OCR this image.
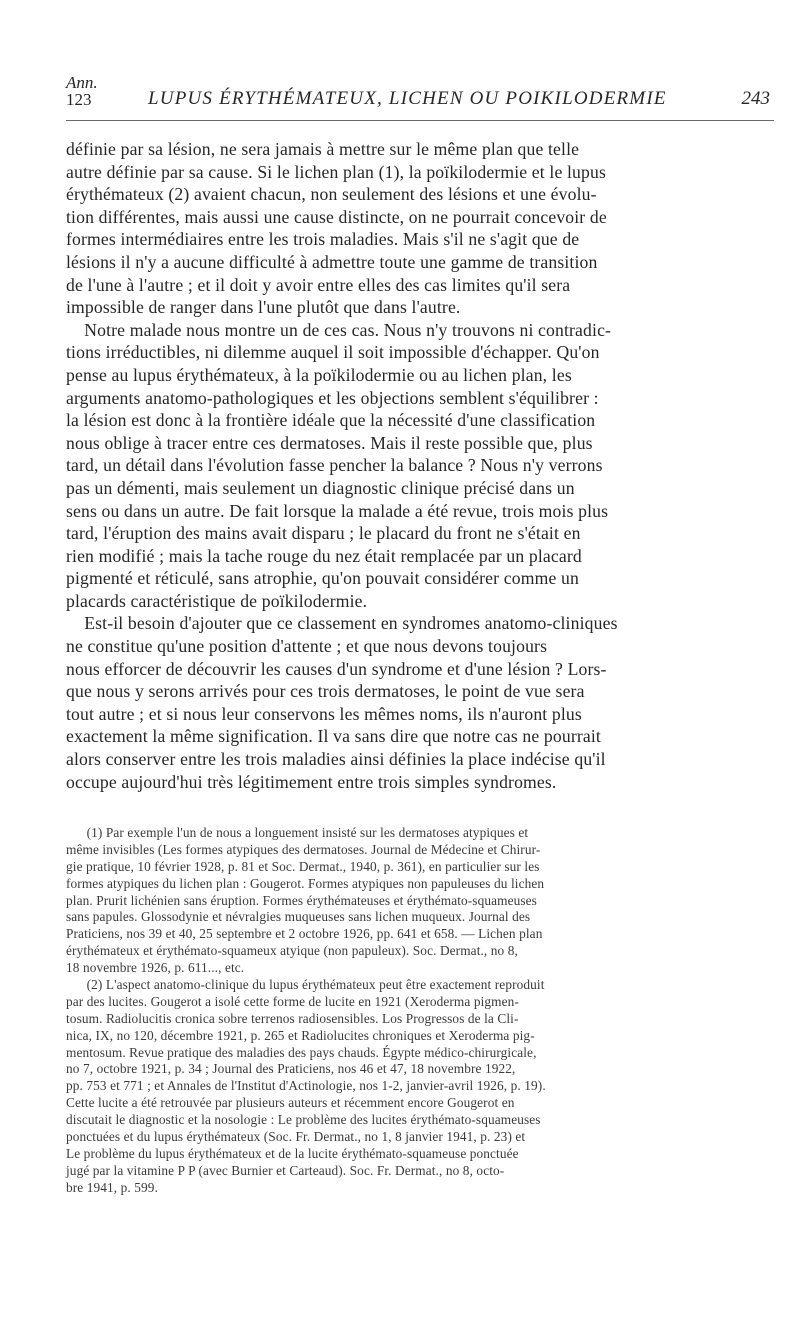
Ann.
123	LUPUS ÉRYTHÉMATEUX, LICHEN OU POIKILODERMIE	243
définie par sa lésion, ne sera jamais à mettre sur le même plan que telle
autre définie par sa cause. Si le lichen plan (1), la poïkilodermie et le lupus
érythémateux (2) avaient chacun, non seulement des lésions et une évolu-
tion différentes, mais aussi une cause distincte, on ne pourrait concevoir de
formes intermédiaires entre les trois maladies. Mais s'il ne s'agit que de
lésions il n'y a aucune difficulté à admettre toute une gamme de transition
de l'une à l'autre ; et il doit y avoir entre elles des cas limites qu'il sera
impossible de ranger dans l'une plutôt que dans l'autre.
Notre malade nous montre un de ces cas. Nous n'y trouvons ni contradic-
tions irréductibles, ni dilemme auquel il soit impossible d'échapper. Qu'on
pense au lupus érythémateux, à la poïkilodermie ou au lichen plan, les
arguments anatomo-pathologiques et les objections semblent s'équilibrer :
la lésion est donc à la frontière idéale que la nécessité d'une classification
nous oblige à tracer entre ces dermatoses. Mais il reste possible que, plus
tard, un détail dans l'évolution fasse pencher la balance ? Nous n'y verrons
pas un démenti, mais seulement un diagnostic clinique précisé dans un
sens ou dans un autre. De fait lorsque la malade a été revue, trois mois plus
tard, l'éruption des mains avait disparu ; le placard du front ne s'était en
rien modifié ; mais la tache rouge du nez était remplacée par un placard
pigmenté et réticulé, sans atrophie, qu'on pouvait considérer comme un
placards caractéristique de poïkilodermie.
Est-il besoin d'ajouter que ce classement en syndromes anatomo-cliniques
ne constitue qu'une position d'attente ; et que nous devons toujours
nous efforcer de découvrir les causes d'un syndrome et d'une lésion ? Lors-
que nous y serons arrivés pour ces trois dermatoses, le point de vue sera
tout autre ; et si nous leur conservons les mêmes noms, ils n'auront plus
exactement la même signification. Il va sans dire que notre cas ne pourrait
alors conserver entre les trois maladies ainsi définies la place indécise qu'il
occupe aujourd'hui très légitimement entre trois simples syndromes.
(1) Par exemple l'un de nous a longuement insisté sur les dermatoses atypiques et
même invisibles (Les formes atypiques des dermatoses. Journal de Médecine et Chirur-
gie pratique, 10 février 1928, p. 81 et Soc. Dermat., 1940, p. 361), en particulier sur les
formes atypiques du lichen plan : Gougerot. Formes atypiques non papuleuses du lichen
plan. Prurit lichénien sans éruption. Formes érythémateuses et érythémato-squameuses
sans papules. Glossodynie et névralgies muqueuses sans lichen muqueux. Journal des
Praticiens, nos 39 et 40, 25 septembre et 2 octobre 1926, pp. 641 et 658. — Lichen plan
érythémateux et érythémato-squameux atyique (non papuleux). Soc. Dermat., no 8,
18 novembre 1926, p. 611..., etc.
(2) L'aspect anatomo-clinique du lupus érythémateux peut être exactement reproduit
par des lucites. Gougerot a isolé cette forme de lucite en 1921 (Xeroderma pigmen-
tosum. Radiolucitis cronica sobre terrenos radiosensibles. Los Progressos de la Cli-
nica, IX, no 120, décembre 1921, p. 265 et Radiolucites chroniques et Xeroderma pig-
mentosum. Revue pratique des maladies des pays chauds. Égypte médico-chirurgicale,
no 7, octobre 1921, p. 34 ; Journal des Praticiens, nos 46 et 47, 18 novembre 1922,
pp. 753 et 771 ; et Annales de l'Institut d'Actinologie, nos 1-2, janvier-avril 1926, p. 19).
Cette lucite a été retrouvée par plusieurs auteurs et récemment encore Gougerot en
discutait le diagnostic et la nosologie : Le problème des lucites érythémato-squameuses
ponctuées et du lupus érythémateux (Soc. Fr. Dermat., no 1, 8 janvier 1941, p. 23) et
Le problème du lupus érythémateux et de la lucite érythémato-squameuse ponctuée
jugé par la vitamine P P (avec Burnier et Carteaud). Soc. Fr. Dermat., no 8, octo-
bre 1941, p. 599.
